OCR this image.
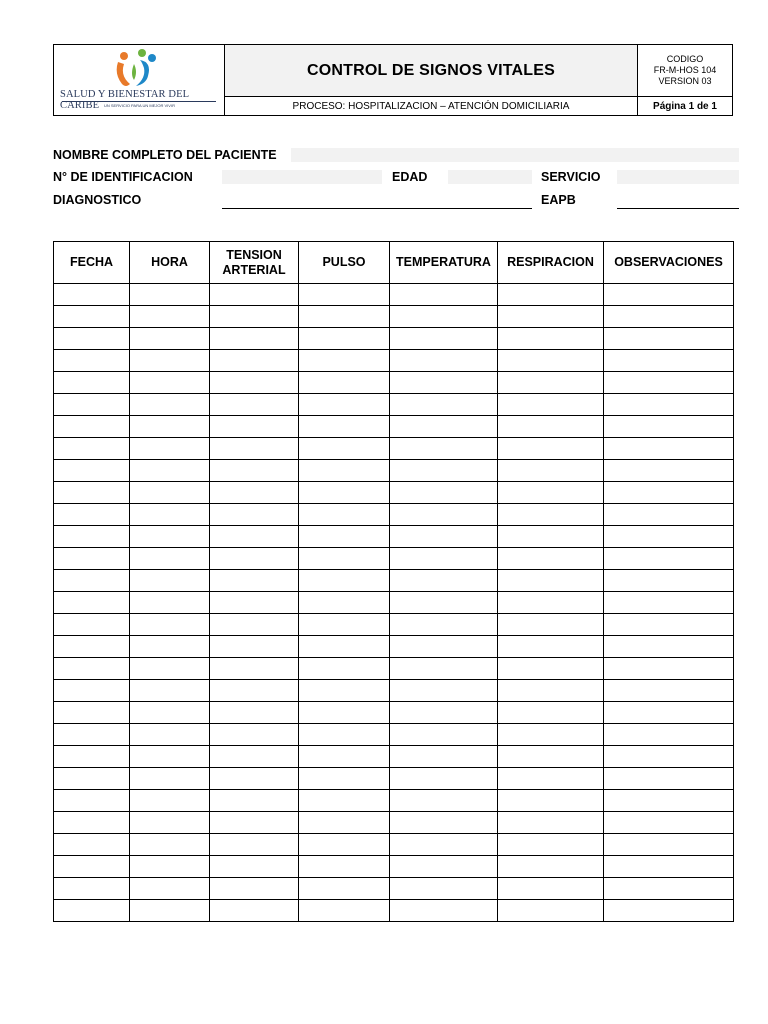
SALUD Y BIENESTAR DEL CARIBE	UN SERVICIO PARA UN MEJOR VIVIR
CONTROL DE SIGNOS VITALES
CODIGO
FR-M-HOS 104
VERSION 03
PROCESO: HOSPITALIZACION – ATENCIÓN DOMICILIARIA	Página 1 de 1
NOMBRE COMPLETO DEL PACIENTE
N° DE IDENTIFICACION	EDAD	SERVICIO
DIAGNOSTICO	EAPB
FECHA	HORA	TENSION ARTERIAL	PULSO	TEMPERATURA	RESPIRACION	OBSERVACIONES
